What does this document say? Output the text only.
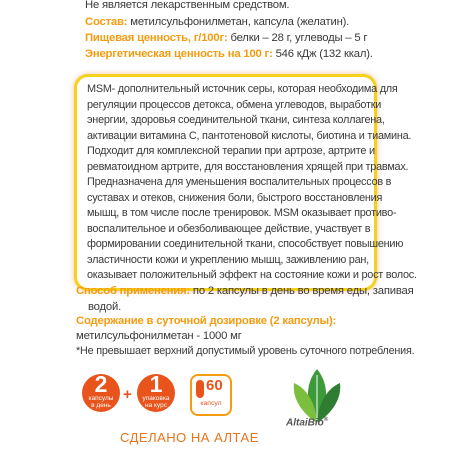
Не является лекарственным средством.
Состав: метилсульфонилметан, капсула (желатин).
Пищевая ценность, г/100г: белки – 28 г, углеводы – 5 г
Энергетическая ценность на 100 г: 546 кДж (132 ккал).

MSM- дополнительный источник серы, которая необходима для
регуляции процессов детокса, обмена углеводов, выработки
энергии, здоровья соединительной ткани, синтеза коллагена,
активации витамина С, пантотеновой кислоты, биотина и тиамина.
Подходит для комплексной терапии при артрозе, артрите и
ревматоидном артрите, для восстановления хрящей при травмах.
Предназначена для уменьшения воспалительных процессов в
суставах и отеков, снижения боли, быстрого восстановления
мышц, в том числе после тренировок. MSM оказывает противо-
воспалительное и обезболивающее действие, участвует в
формировании соединительной ткани, способствует повышению
эластичности кожи и укреплению мышц, заживлению ран,
оказывает положительный эффект на состояние кожи и рост волос.

Способ применения: по 2 капсулы в день во время еды, запивая
водой.
Содержание в суточной дозировке (2 капсулы):
метилсульфонилметан - 1000 мг
*Не превышает верхний допустимый уровень суточного потребления.
2
капсулы
в день
+ 1
упаковка
на курс
60
капсул
AltaiBio®
СДЕЛАНО НА АЛТАЕ
